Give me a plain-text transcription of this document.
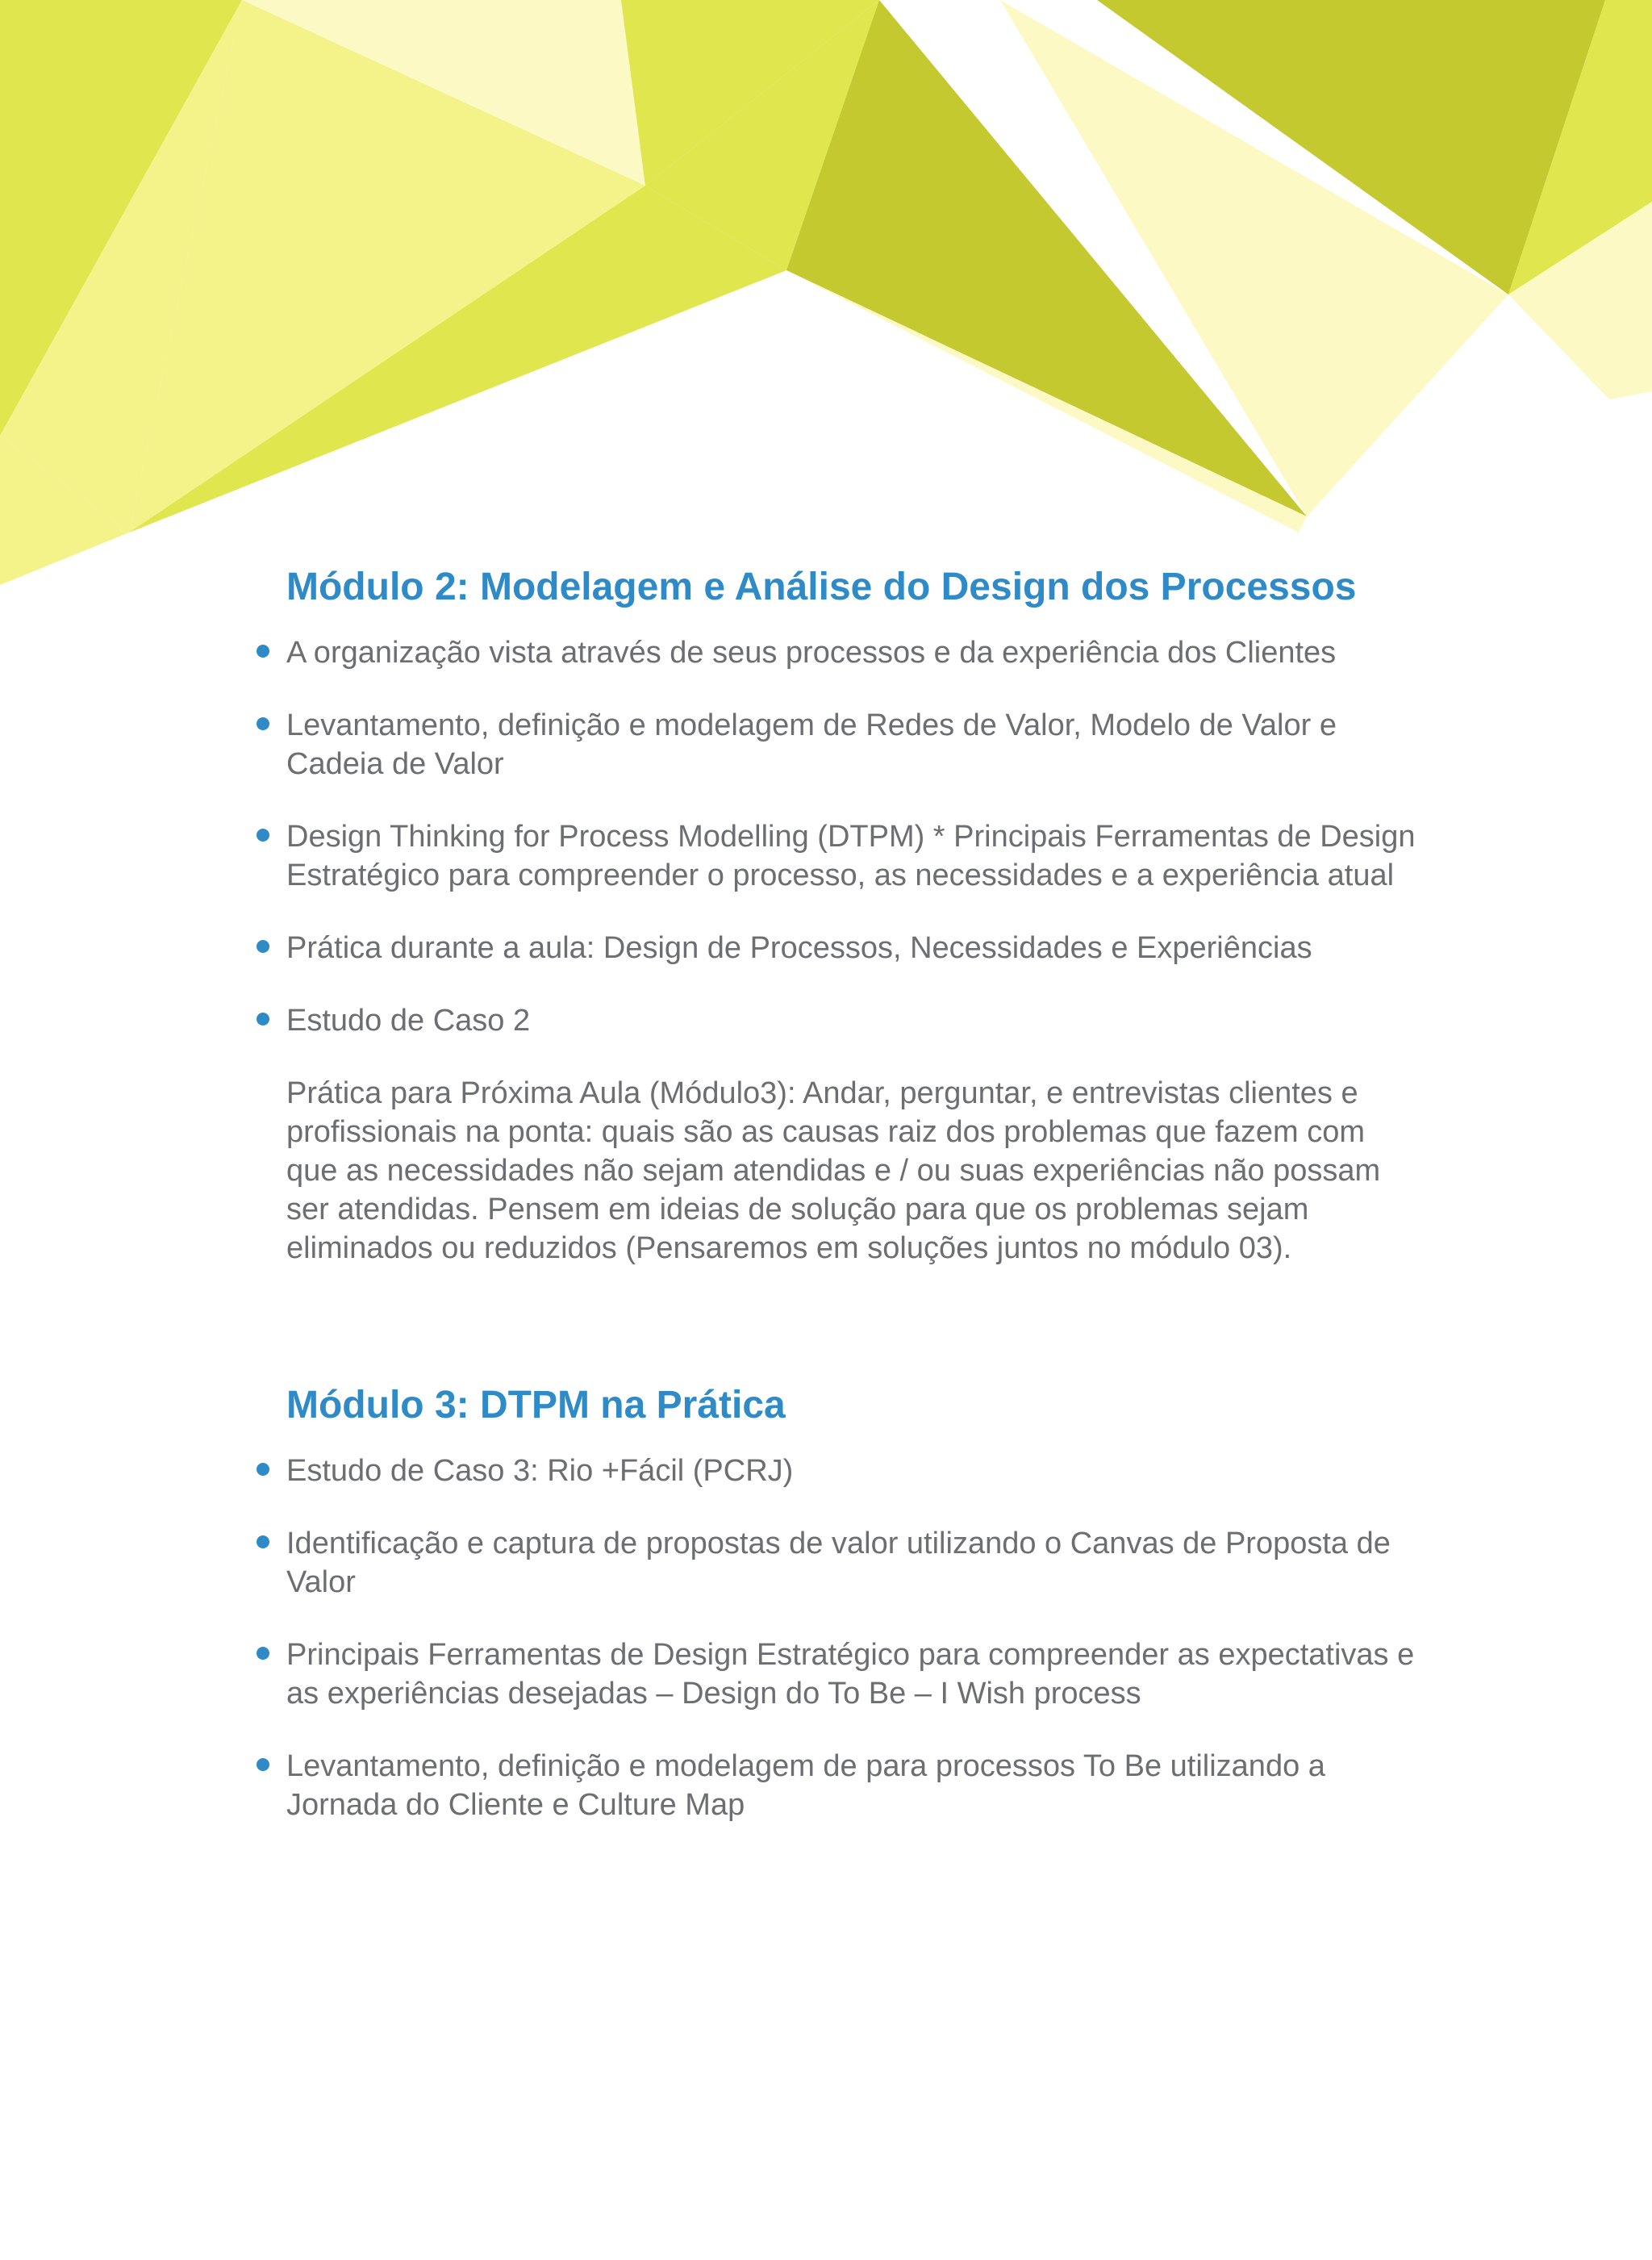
Módulo 2: Modelagem e Análise do Design dos Processos
A organização vista através de seus processos e da experiência dos Clientes
Levantamento, definição e modelagem de Redes de Valor, Modelo de Valor e Cadeia de Valor
Design Thinking for Process Modelling (DTPM) * Principais Ferramentas de Design Estratégico para compreender o processo, as necessidades e a experiência atual
Prática durante a aula: Design de Processos, Necessidades e Experiências
Estudo de Caso 2

Prática para Próxima Aula (Módulo3): Andar, perguntar, e entrevistas clientes e profissionais na ponta: quais são as causas raiz dos problemas que fazem com que as necessidades não sejam atendidas e / ou suas experiências não possam ser atendidas. Pensem em ideias de solução para que os problemas sejam eliminados ou reduzidos (Pensaremos em soluções juntos no módulo 03).

Módulo 3: DTPM na Prática
Estudo de Caso 3: Rio +Fácil (PCRJ)
Identificação e captura de propostas de valor utilizando o Canvas de Proposta de Valor
Principais Ferramentas de Design Estratégico para compreender as expectativas e as experiências desejadas – Design do To Be – I Wish process
Levantamento, definição e modelagem de para processos To Be utilizando a Jornada do Cliente e Culture Map
